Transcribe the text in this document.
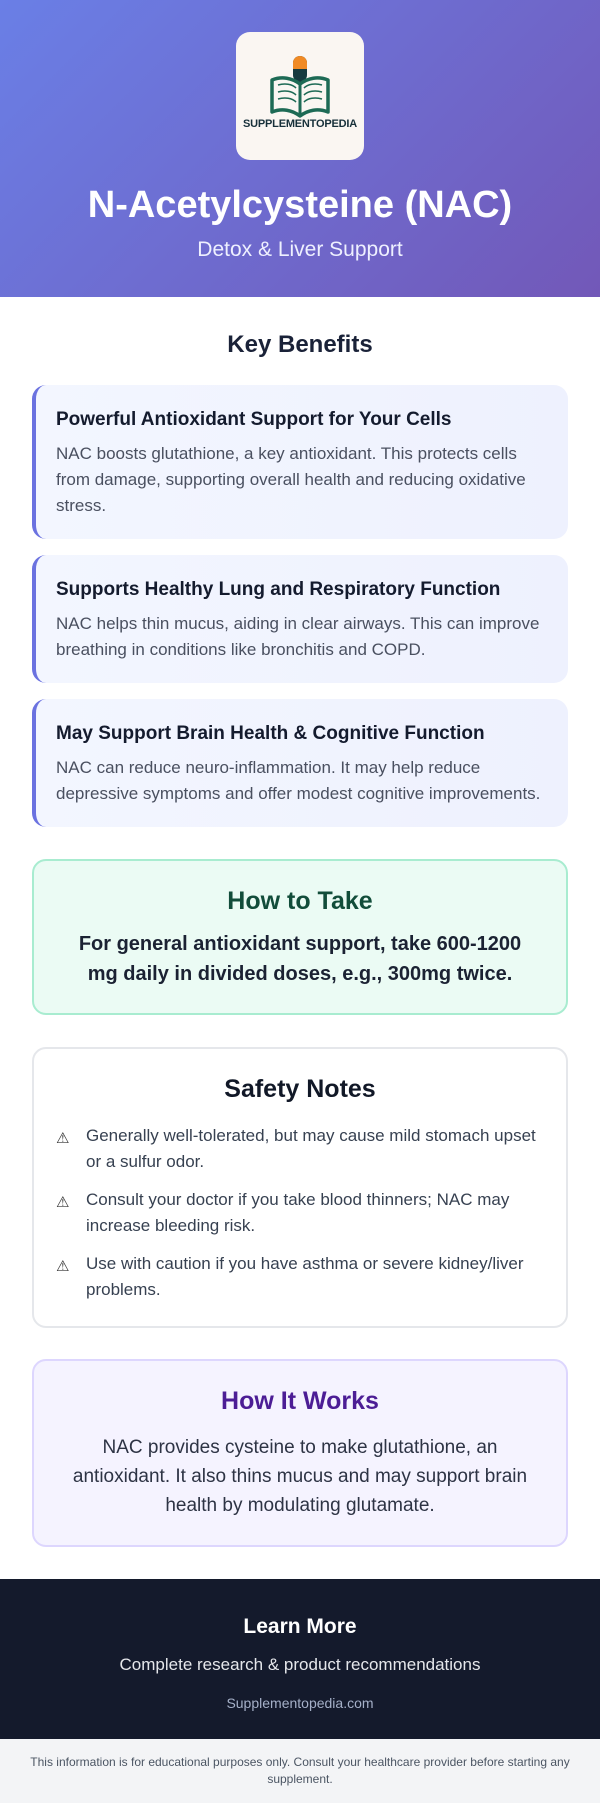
SUPPLEMENTOPEDIA
N-Acetylcysteine (NAC)
Detox & Liver Support
Key Benefits
Powerful Antioxidant Support for Your Cells

NAC boosts glutathione, a key antioxidant. This protects cells from damage, supporting overall health and reducing oxidative stress.

Supports Healthy Lung and Respiratory Function

NAC helps thin mucus, aiding in clear airways. This can improve breathing in conditions like bronchitis and COPD.

May Support Brain Health & Cognitive Function

NAC can reduce neuro-inflammation. It may help reduce depressive symptoms and offer modest cognitive improvements.

How to Take

For general antioxidant support, take 600-1200 mg daily in divided doses, e.g., 300mg twice.

Safety Notes
⚠ Generally well-tolerated, but may cause mild stomach upset or a sulfur odor.
⚠ Consult your doctor if you take blood thinners; NAC may increase bleeding risk.
⚠ Use with caution if you have asthma or severe kidney/liver problems.
How It Works

NAC provides cysteine to make glutathione, an antioxidant. It also thins mucus and may support brain health by modulating glutamate.

Learn More
Complete research & product recommendations
Supplementopedia.com
This information is for educational purposes only. Consult your healthcare provider before starting any supplement.
